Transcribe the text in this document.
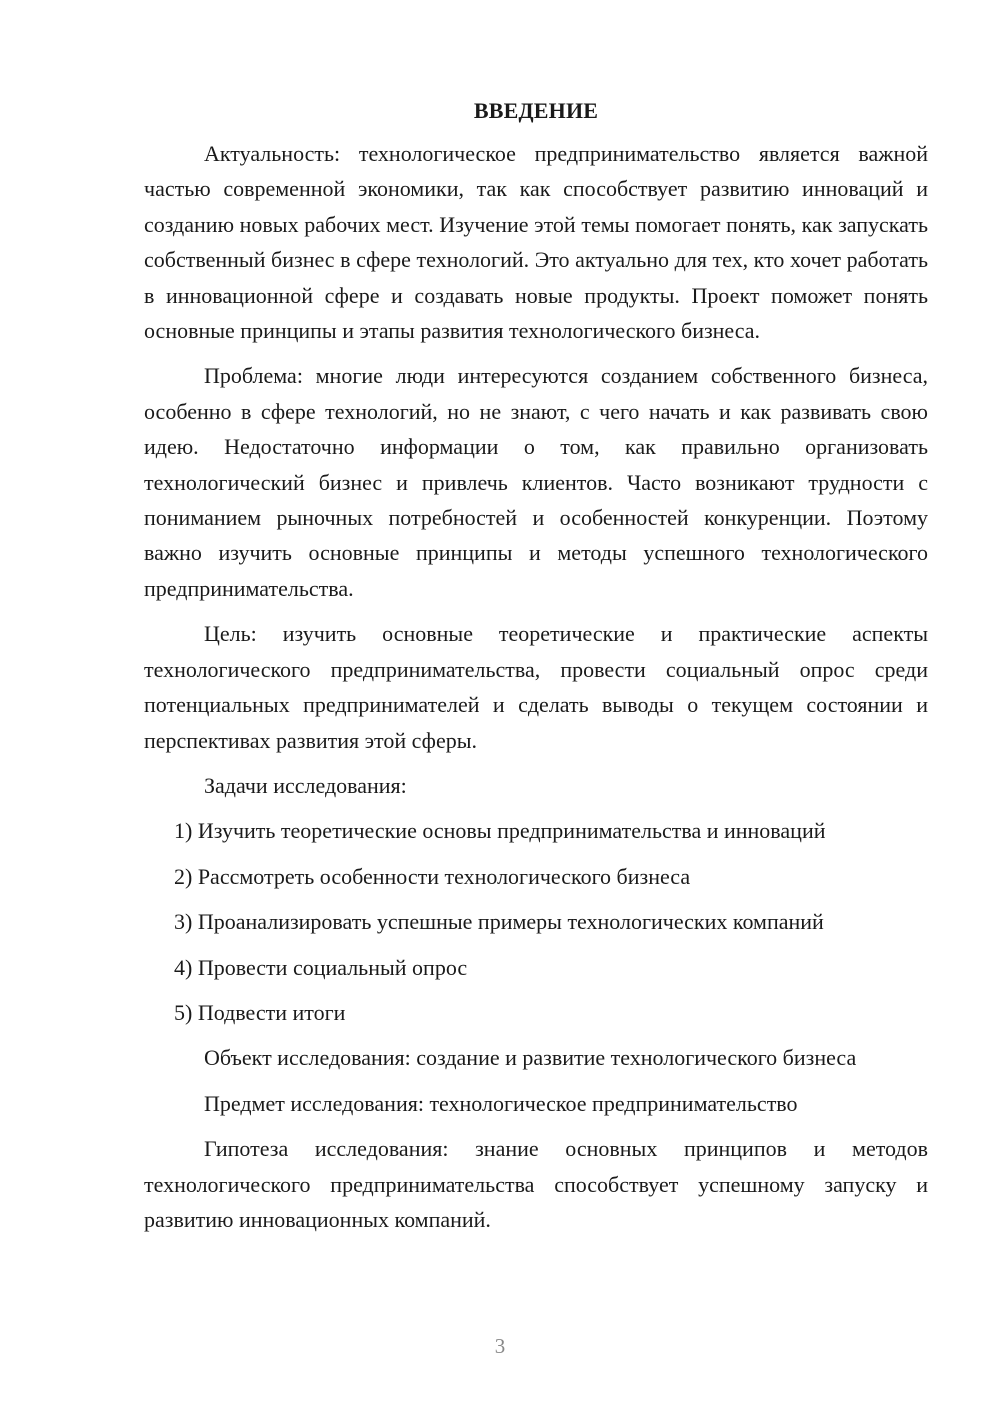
ВВЕДЕНИЕ

Актуальность: технологическое предпринимательство является важной частью современной экономики, так как способствует развитию инноваций и созданию новых рабочих мест. Изучение этой темы помогает понять, как запускать собственный бизнес в сфере технологий. Это актуально для тех, кто хочет работать в инновационной сфере и создавать новые продукты. Проект поможет понять основные принципы и этапы развития технологического бизнеса.

Проблема: многие люди интересуются созданием собственного бизнеса, особенно в сфере технологий, но не знают, с чего начать и как развивать свою идею. Недостаточно информации о том, как правильно организовать технологический бизнес и привлечь клиентов. Часто возникают трудности с пониманием рыночных потребностей и особенностей конкуренции. Поэтому важно изучить основные принципы и методы успешного технологического предпринимательства.

Цель: изучить основные теоретические и практические аспекты технологического предпринимательства, провести социальный опрос среди потенциальных предпринимателей и сделать выводы о текущем состоянии и перспективах развития этой сферы.

Задачи исследования:

1) Изучить теоретические основы предпринимательства и инноваций
2) Рассмотреть особенности технологического бизнеса
3) Проанализировать успешные примеры технологических компаний
4) Провести социальный опрос
5) Подвести итоги

Объект исследования: создание и развитие технологического бизнеса

Предмет исследования: технологическое предпринимательство

Гипотеза исследования: знание основных принципов и методов технологического предпринимательства способствует успешному запуску и развитию инновационных компаний.

3
